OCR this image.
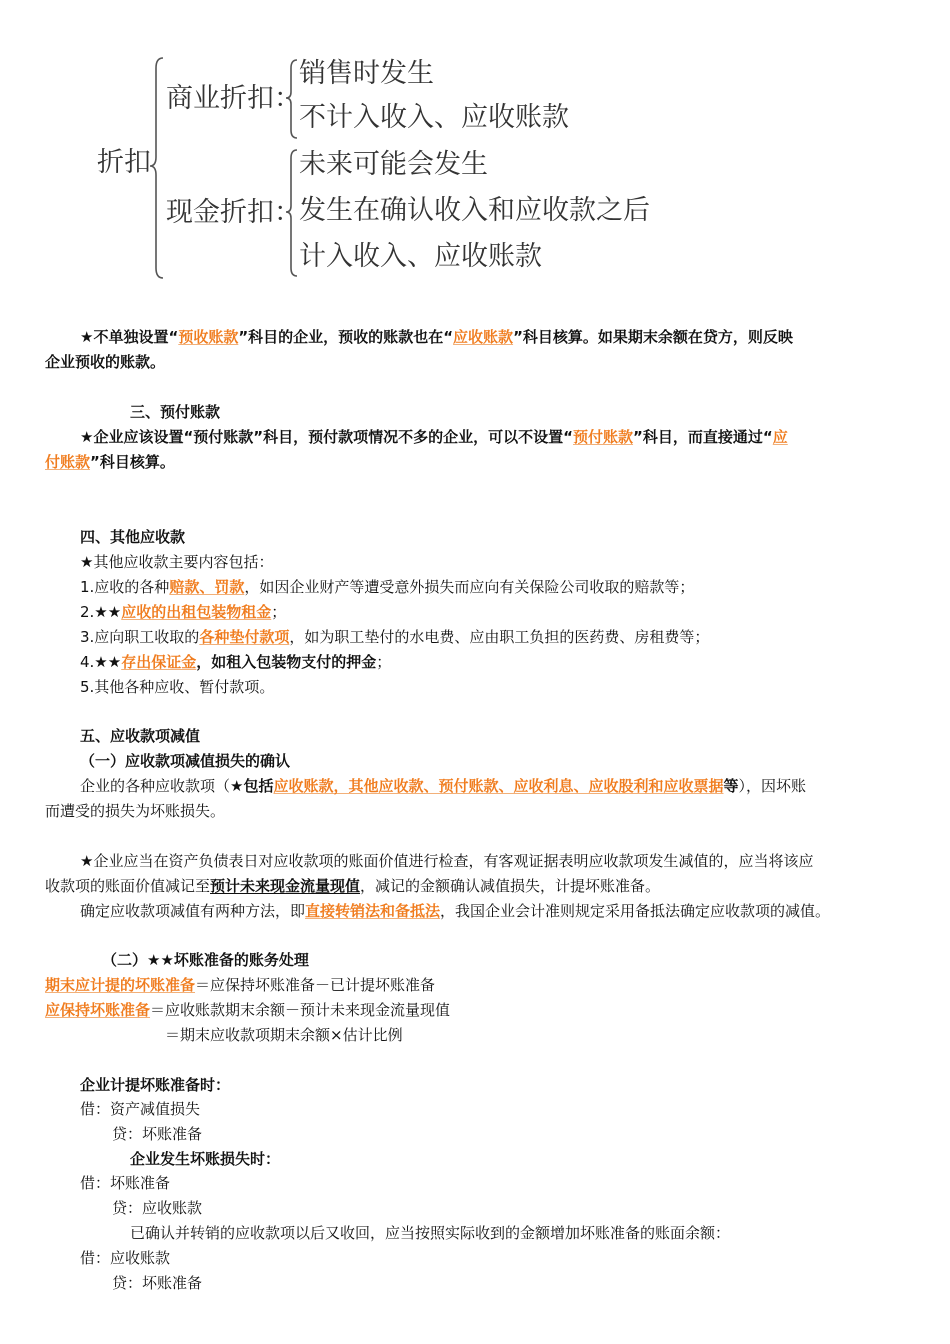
折扣
商业折扣：
销售时发生
不计入收入、应收账款
现金折扣：
未来可能会发生
发生在确认收入和应收款之后
计入收入、应收账款
★不单独设置“预收账款”科目的企业，预收的账款也在“应收账款”科目核算。如果期末余额在贷方，则反映
企业预收的账款。
三、预付账款
★企业应该设置“预付账款”科目，预付款项情况不多的企业，可以不设置“预付账款”科目，而直接通过“应
付账款”科目核算。
四、其他应收款
★其他应收款主要内容包括：
1.应收的各种赔款、罚款，如因企业财产等遭受意外损失而应向有关保险公司收取的赔款等；
2.★★应收的出租包装物租金；
3.应向职工收取的各种垫付款项，如为职工垫付的水电费、应由职工负担的医药费、房租费等；
4.★★存出保证金，如租入包装物支付的押金；
5.其他各种应收、暂付款项。
五、应收款项减值
（一）应收款项减值损失的确认
企业的各种应收款项（★包括应收账款，其他应收款、预付账款、应收利息、应收股利和应收票据等），因坏账
而遭受的损失为坏账损失。
★企业应当在资产负债表日对应收款项的账面价值进行检查，有客观证据表明应收款项发生减值的，应当将该应
收款项的账面价值减记至预计未来现金流量现值，减记的金额确认减值损失，计提坏账准备。
确定应收款项减值有两种方法，即直接转销法和备抵法，我国企业会计准则规定采用备抵法确定应收款项的减值。
（二）★★坏账准备的账务处理
期末应计提的坏账准备＝应保持坏账准备－已计提坏账准备
应保持坏账准备＝应收账款期末余额－预计未来现金流量现值
＝期末应收款项期末余额×估计比例
企业计提坏账准备时：
借：资产减值损失
贷：坏账准备
企业发生坏账损失时：
借：坏账准备
贷：应收账款
已确认并转销的应收款项以后又收回，应当按照实际收到的金额增加坏账准备的账面余额：
借：应收账款
贷：坏账准备
